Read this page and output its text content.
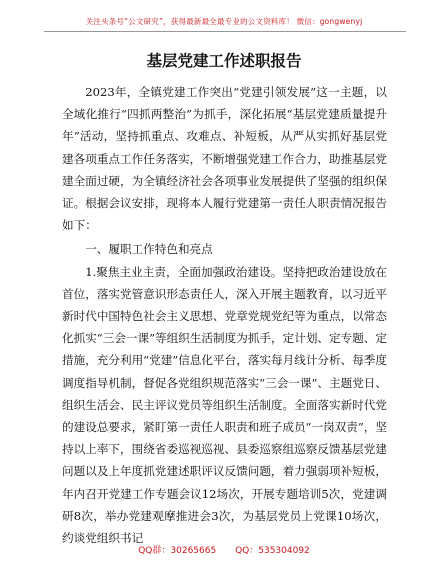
关注头条号“公文研究”，获得最新最全最专业的公文资料库！ 微信：gongwenyj
基层党建工作述职报告

2023年，全镇党建工作突出“党建引领发展”这一主题，以全域化推行“四抓两整治”为抓手，深化拓展“基层党建质量提升年”活动，坚持抓重点、攻难点、补短板，从严从实抓好基层党建各项重点工作任务落实，不断增强党建工作合力，助推基层党建全面过硬，为全镇经济社会各项事业发展提供了坚强的组织保证。根据会议安排，现将本人履行党建第一责任人职责情况报告如下：

一、履职工作特色和亮点

1.聚焦主业主责，全面加强政治建设。坚持把政治建设放在首位，落实党管意识形态责任人，深入开展主题教育，以习近平新时代中国特色社会主义思想、党章党规党纪等为重点，以常态化抓实“三会一课”等组织生活制度为抓手，定计划、定专题、定措施，充分利用“党建”信息化平台，落实每月线计分析、每季度调度指导机制，督促各党组织规范落实“三会一课”、主题党日、组织生活会、民主评议党员等组织生活制度。全面落实新时代党的建设总要求，紧盯第一责任人职责和班子成员“一岗双责”，坚持以上率下，围绕省委巡视巡视、县委巡察组巡察反馈基层党建问题以及上年度抓党建述职评议反馈问题，着力强弱项补短板，年内召开党建工作专题会议12场次，开展专题培训5次，党建调研8次，举办党建观摩推进会3次，为基层党员上党课10场次，约谈党组织书记

QQ群：30265665 QQ：535304092
